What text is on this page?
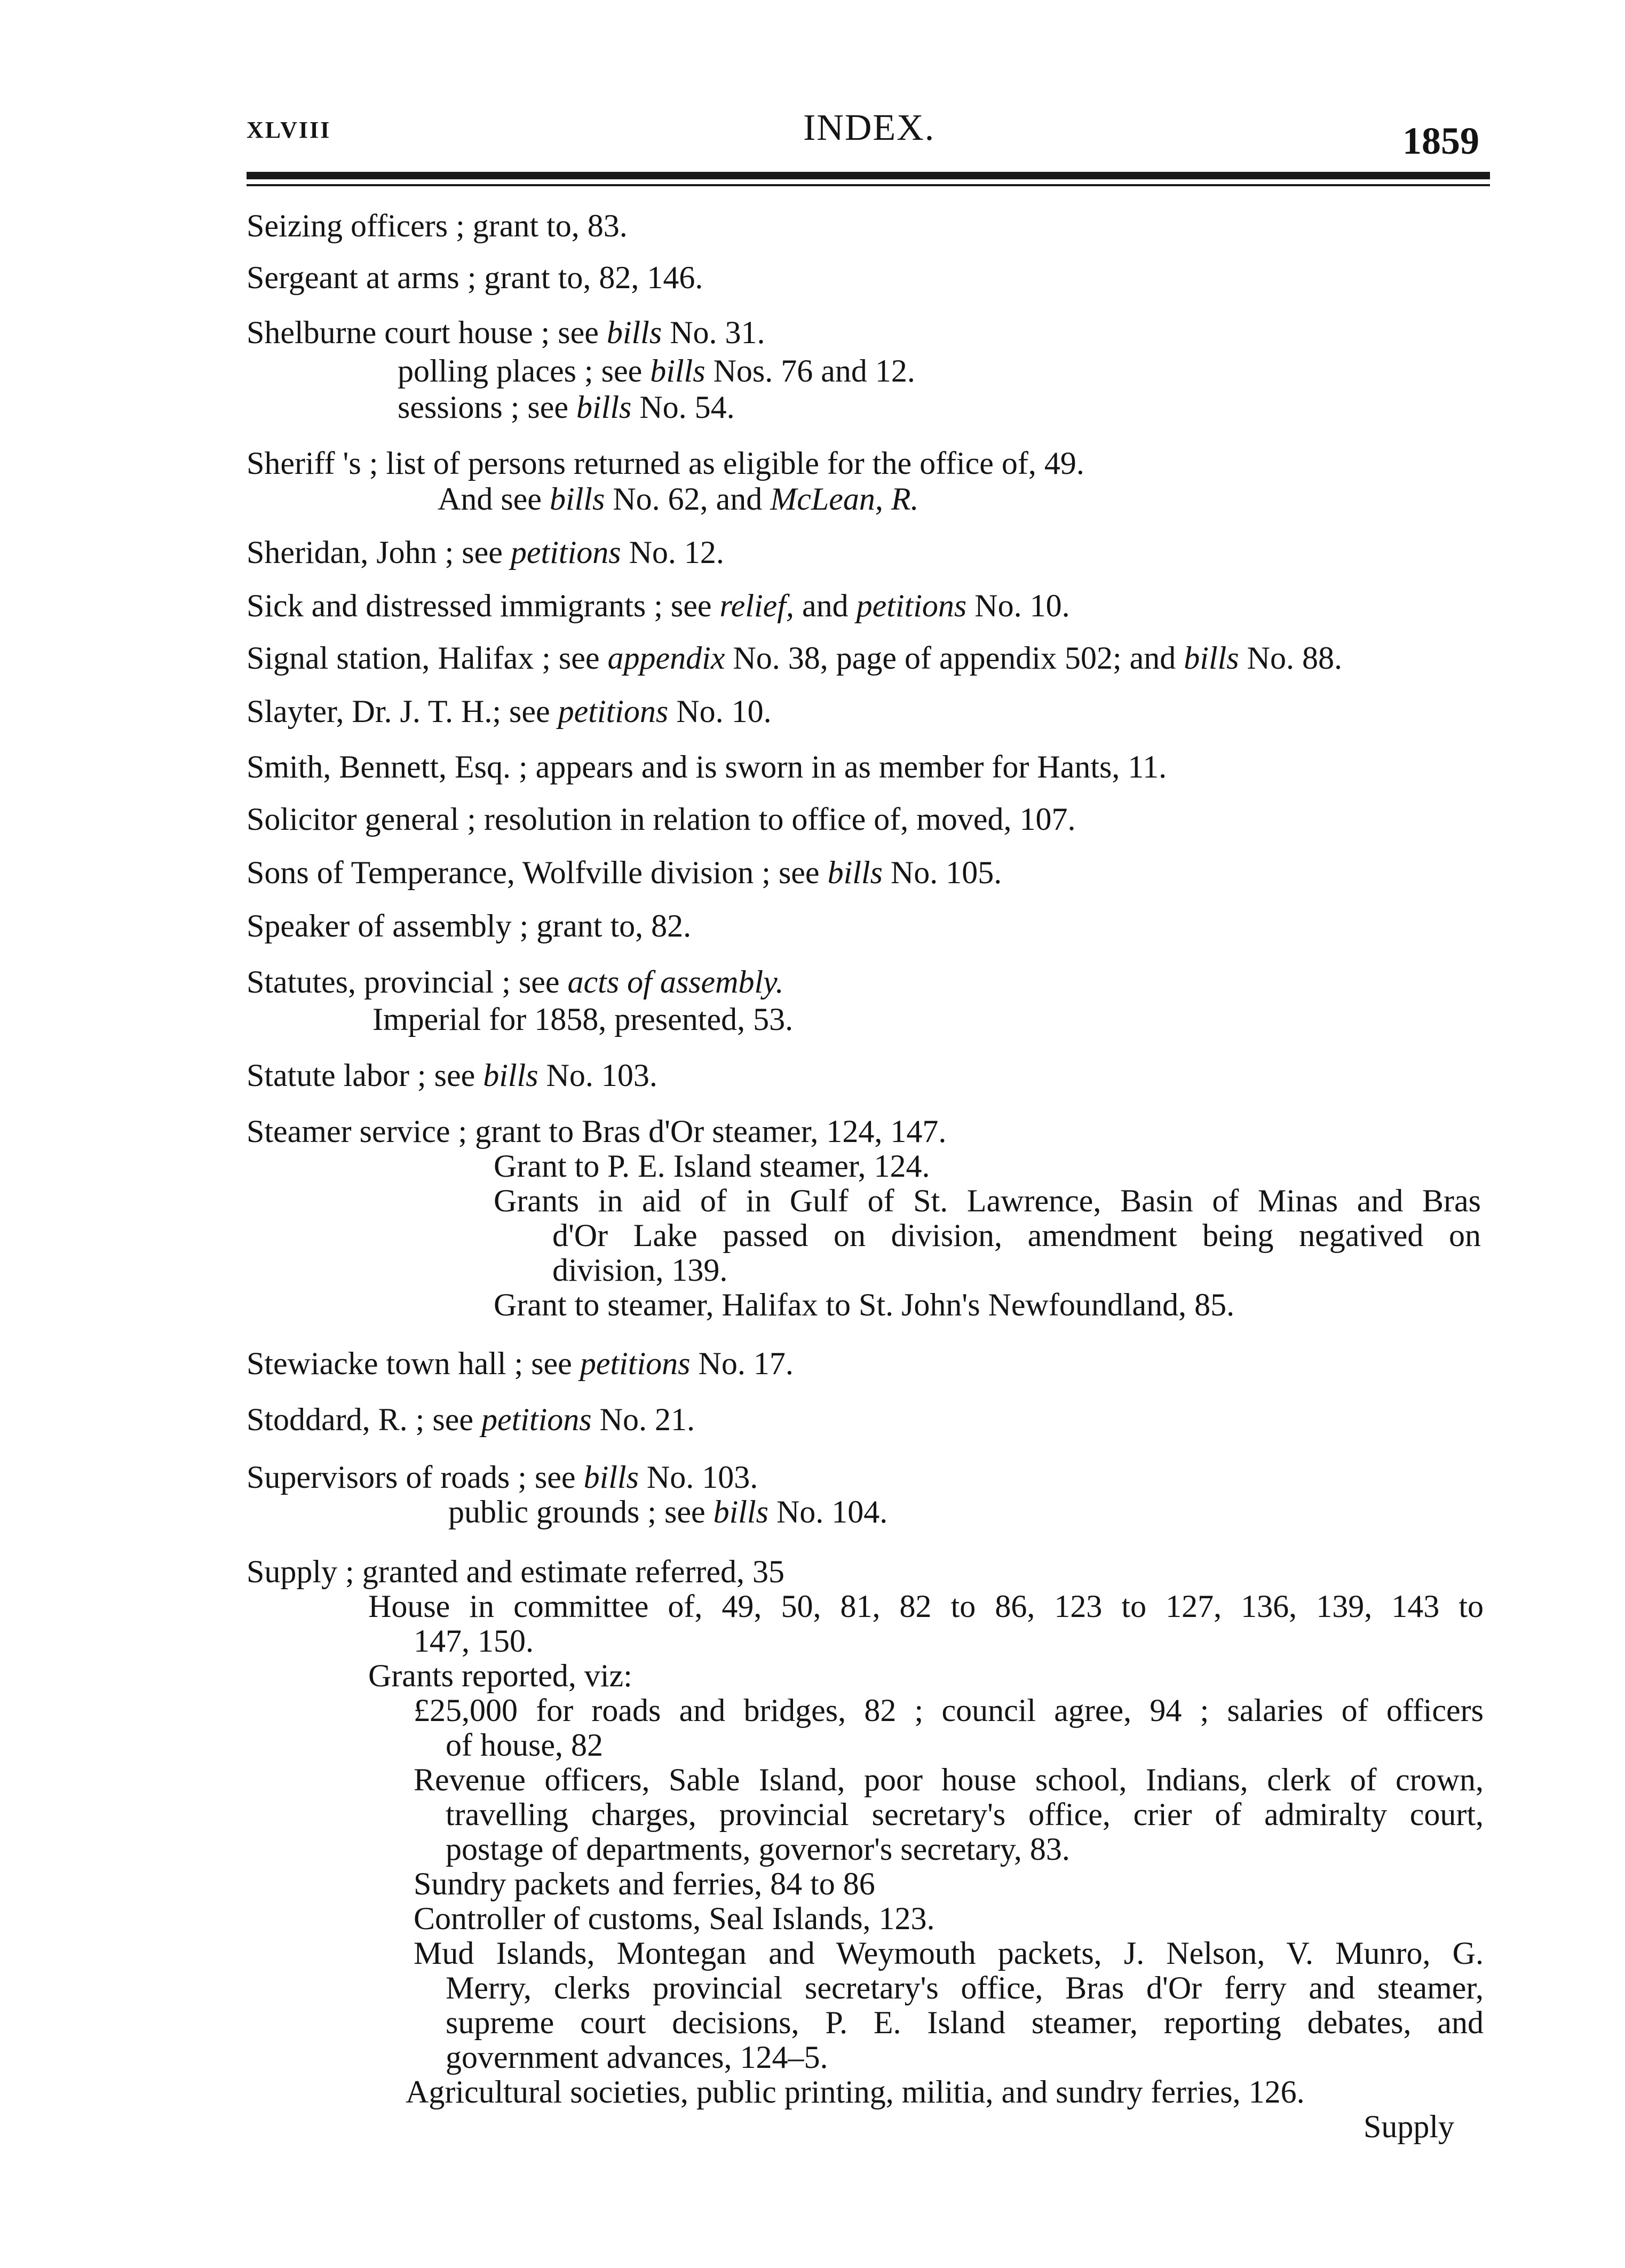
XLVIII	INDEX.	1859
Seizing officers ; grant to, 83.
Sergeant at arms ; grant to, 82, 146.
Shelburne court house ; see bills No. 31.
polling places ; see bills Nos. 76 and 12.
sessions ; see bills No. 54.
Sheriff 's ; list of persons returned as eligible for the office of, 49.
And see bills No. 62, and McLean, R.
Sheridan, John ; see petitions No. 12.
Sick and distressed immigrants ; see relief, and petitions No. 10.
Signal station, Halifax ; see appendix No. 38, page of appendix 502; and bills No. 88.
Slayter, Dr. J. T. H.; see petitions No. 10.
Smith, Bennett, Esq. ; appears and is sworn in as member for Hants, 11.
Solicitor general ; resolution in relation to office of, moved, 107.
Sons of Temperance, Wolfville division ; see bills No. 105.
Speaker of assembly ; grant to, 82.
Statutes, provincial ; see acts of assembly.
Imperial for 1858, presented, 53.
Statute labor ; see bills No. 103.
Steamer service ; grant to Bras d'Or steamer, 124, 147.
Grant to P. E. Island steamer, 124.
Grants in aid of in Gulf of St. Lawrence, Basin of Minas and Bras
d'Or Lake passed on division, amendment being negatived on
division, 139.
Grant to steamer, Halifax to St. John's Newfoundland, 85.
Stewiacke town hall ; see petitions No. 17.
Stoddard, R. ; see petitions No. 21.
Supervisors of roads ; see bills No. 103.
public grounds ; see bills No. 104.
Supply ; granted and estimate referred, 35
House in committee of, 49, 50, 81, 82 to 86, 123 to 127, 136, 139, 143 to
147, 150.
Grants reported, viz:
£25,000 for roads and bridges, 82 ; council agree, 94 ; salaries of officers
of house, 82
Revenue officers, Sable Island, poor house school, Indians, clerk of crown,
travelling charges, provincial secretary's office, crier of admiralty court,
postage of departments, governor's secretary, 83.
Sundry packets and ferries, 84 to 86
Controller of customs, Seal Islands, 123.
Mud Islands, Montegan and Weymouth packets, J. Nelson, V. Munro, G.
Merry, clerks provincial secretary's office, Bras d'Or ferry and steamer,
supreme court decisions, P. E. Island steamer, reporting debates, and
government advances, 124–5.
Agricultural societies, public printing, militia, and sundry ferries, 126.
Supply
